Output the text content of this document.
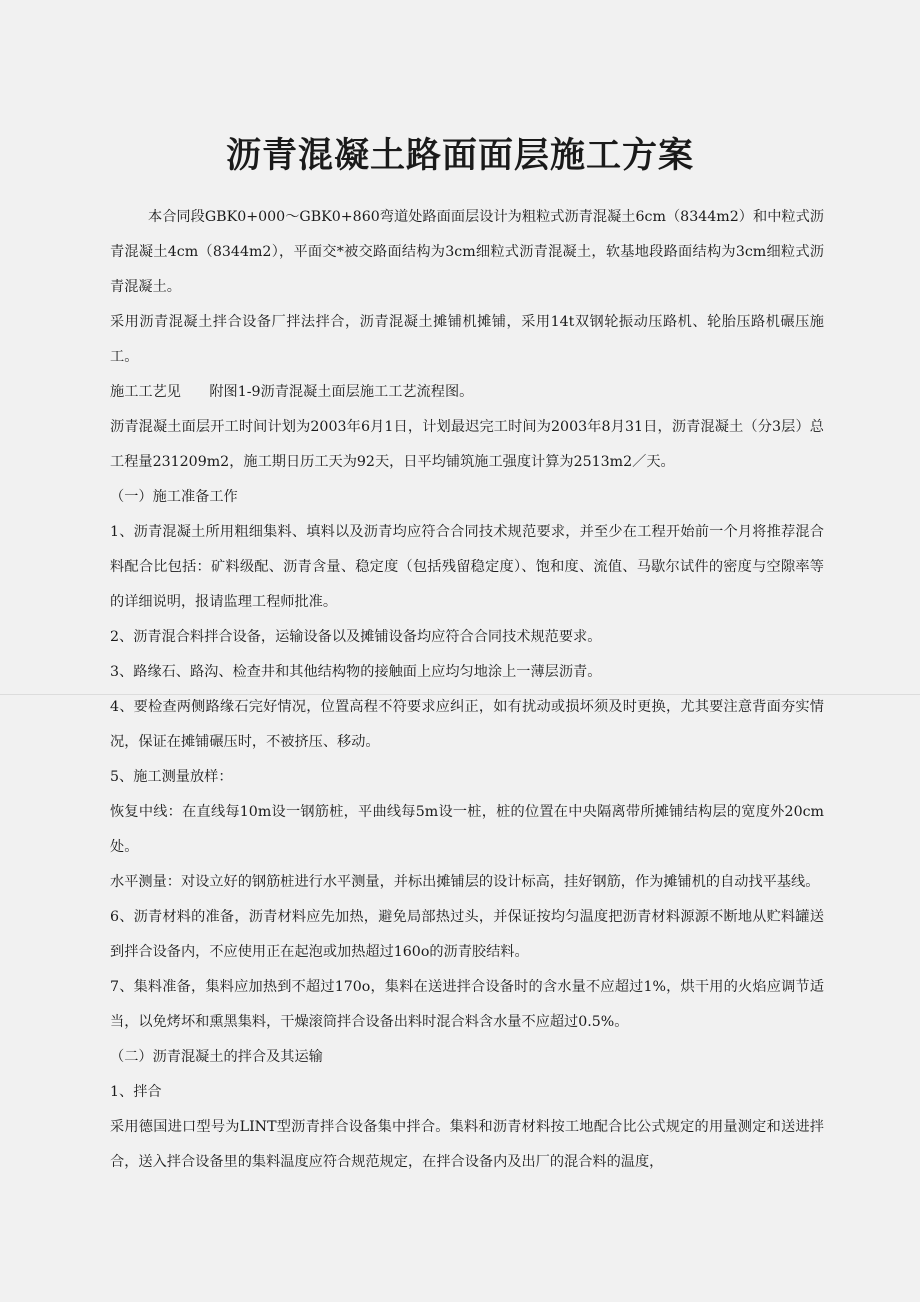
沥青混凝土路面面层施工方案

本合同段GBK0+000～GBK0+860弯道处路面面层设计为粗粒式沥青混凝土6cm（8344m2）和中粒式沥青混凝土4cm（8344m2），平面交*被交路面结构为3cm细粒式沥青混凝土，软基地段路面结构为3cm细粒式沥青混凝土。

采用沥青混凝土拌合设备厂拌法拌合，沥青混凝土摊铺机摊铺，采用14t双钢轮振动压路机、轮胎压路机碾压施工。

施工工艺见　　附图1-9沥青混凝土面层施工工艺流程图。

沥青混凝土面层开工时间计划为2003年6月1日，计划最迟完工时间为2003年8月31日，沥青混凝土（分3层）总工程量231209m2，施工期日历工天为92天，日平均铺筑施工强度计算为2513m2／天。

（一）施工准备工作

1、沥青混凝土所用粗细集料、填料以及沥青均应符合合同技术规范要求，并至少在工程开始前一个月将推荐混合料配合比包括：矿料级配、沥青含量、稳定度（包括残留稳定度）、饱和度、流值、马歇尔试件的密度与空隙率等的详细说明，报请监理工程师批准。

2、沥青混合料拌合设备，运输设备以及摊铺设备均应符合合同技术规范要求。

3、路缘石、路沟、检查井和其他结构物的接触面上应均匀地涂上一薄层沥青。

4、要检查两侧路缘石完好情况，位置高程不符要求应纠正，如有扰动或损坏须及时更换，尤其要注意背面夯实情况，保证在摊铺碾压时，不被挤压、移动。

5、施工测量放样：

恢复中线：在直线每10m设一钢筋桩，平曲线每5m设一桩，桩的位置在中央隔离带所摊铺结构层的宽度外20cm处。

水平测量：对设立好的钢筋桩进行水平测量，并标出摊铺层的设计标高，挂好钢筋，作为摊铺机的自动找平基线。

6、沥青材料的准备，沥青材料应先加热，避免局部热过头，并保证按均匀温度把沥青材料源源不断地从贮料罐送到拌合设备内，不应使用正在起泡或加热超过160o的沥青胶结料。

7、集料准备，集料应加热到不超过170o，集料在送进拌合设备时的含水量不应超过1%，烘干用的火焰应调节适当，以免烤坏和熏黑集料，干燥滚筒拌合设备出料时混合料含水量不应超过0.5%。

（二）沥青混凝土的拌合及其运输

1、拌合

采用德国进口型号为LINT型沥青拌合设备集中拌合。集料和沥青材料按工地配合比公式规定的用量测定和送进拌合，送入拌合设备里的集料温度应符合规范规定，在拌合设备内及出厂的混合料的温度，
